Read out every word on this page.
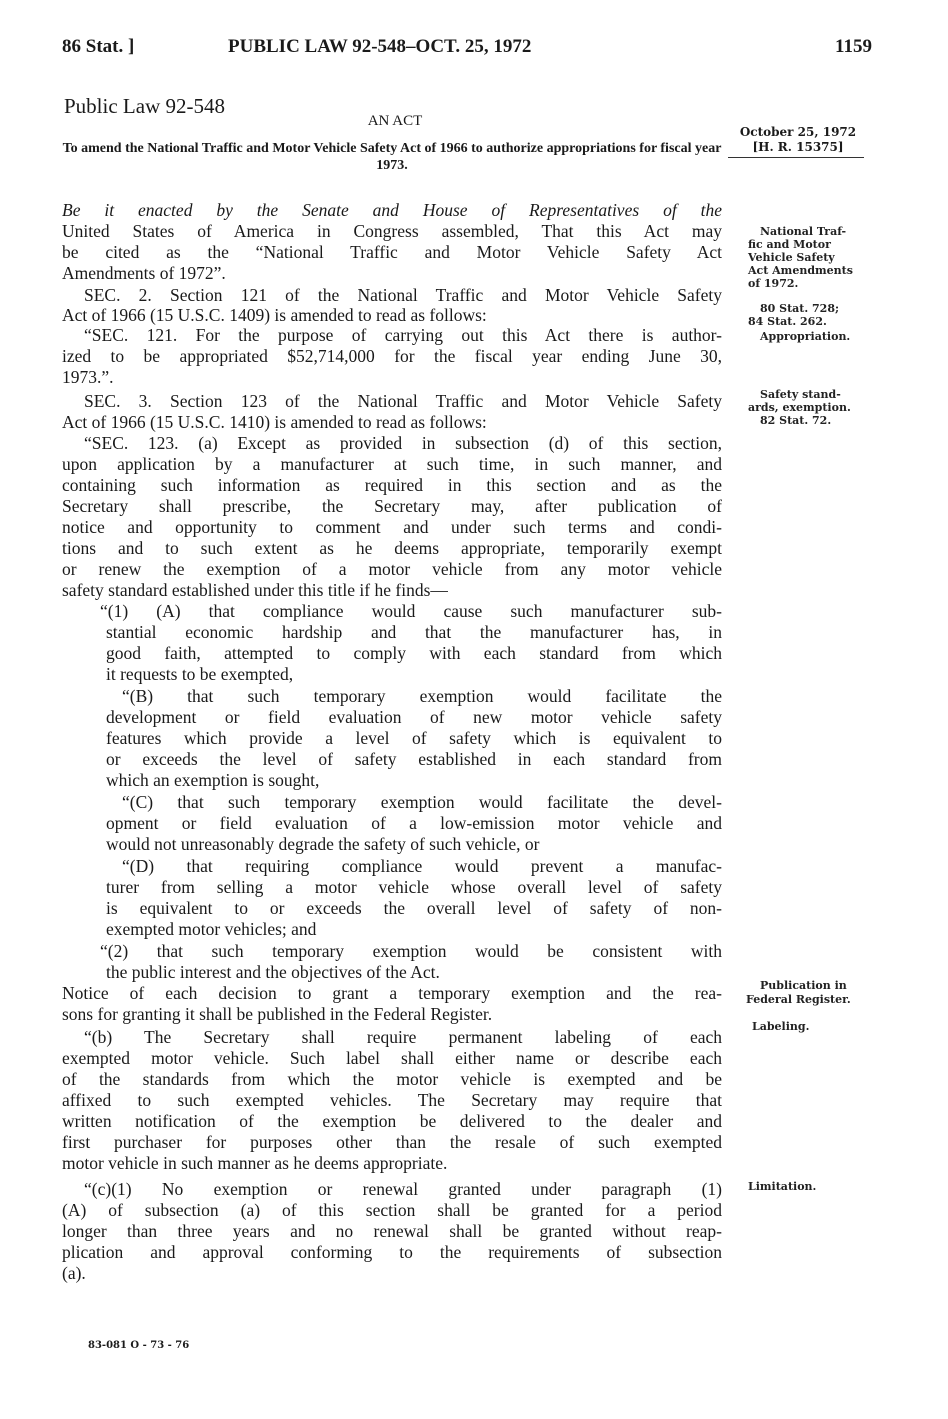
86 Stat. ]	PUBLIC LAW 92-548–OCT. 25, 1972	1159
Public Law 92-548
AN ACT
To amend the National Traffic and Motor Vehicle Safety Act of 1966 to authorize appropriations for fiscal year 1973.
October 25, 1972
[H. R. 15375]
Be it enacted by the Senate and House of Representatives of the
United States of America in Congress assembled, That this Act may
be cited as the “National Traffic and Motor Vehicle Safety Act
Amendments of 1972”.
SEC. 2. Section 121 of the National Traffic and Motor Vehicle Safety
Act of 1966 (15 U.S.C. 1409) is amended to read as follows:
“SEC. 121. For the purpose of carrying out this Act there is author-
ized to be appropriated $52,714,000 for the fiscal year ending June 30,
1973.”.
SEC. 3. Section 123 of the National Traffic and Motor Vehicle Safety
Act of 1966 (15 U.S.C. 1410) is amended to read as follows:
“SEC. 123. (a) Except as provided in subsection (d) of this section,
upon application by a manufacturer at such time, in such manner, and
containing such information as required in this section and as the
Secretary shall prescribe, the Secretary may, after publication of
notice and opportunity to comment and under such terms and condi-
tions and to such extent as he deems appropriate, temporarily exempt
or renew the exemption of a motor vehicle from any motor vehicle
safety standard established under this title if he finds—
“(1) (A) that compliance would cause such manufacturer sub-
stantial economic hardship and that the manufacturer has, in
good faith, attempted to comply with each standard from which
it requests to be exempted,
“(B) that such temporary exemption would facilitate the
development or field evaluation of new motor vehicle safety
features which provide a level of safety which is equivalent to
or exceeds the level of safety established in each standard from
which an exemption is sought,
“(C) that such temporary exemption would facilitate the devel-
opment or field evaluation of a low-emission motor vehicle and
would not unreasonably degrade the safety of such vehicle, or
“(D) that requiring compliance would prevent a manufac-
turer from selling a motor vehicle whose overall level of safety
is equivalent to or exceeds the overall level of safety of non-
exempted motor vehicles; and
“(2) that such temporary exemption would be consistent with
the public interest and the objectives of the Act.
Notice of each decision to grant a temporary exemption and the rea-
sons for granting it shall be published in the Federal Register.
“(b) The Secretary shall require permanent labeling of each
exempted motor vehicle. Such label shall either name or describe each
of the standards from which the motor vehicle is exempted and be
affixed to such exempted vehicles. The Secretary may require that
written notification of the exemption be delivered to the dealer and
first purchaser for purposes other than the resale of such exempted
motor vehicle in such manner as he deems appropriate.
“(c)(1) No exemption or renewal granted under paragraph (1)
(A) of subsection (a) of this section shall be granted for a period
longer than three years and no renewal shall be granted without reap-
plication and approval conforming to the requirements of subsection
(a).
National Traf-
fic and Motor
Vehicle Safety
Act Amendments
of 1972.
80 Stat. 728;
84 Stat. 262.
Appropriation.
Safety stand-
ards, exemption.
82 Stat. 72.
Publication in
Federal Register.
Labeling.
Limitation.
83-081 O - 73 - 76
